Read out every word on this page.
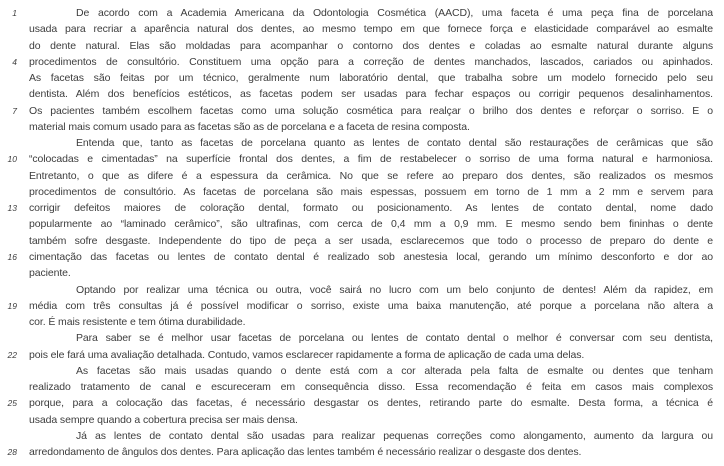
1	De acordo com a Academia Americana da Odontologia Cosmética (AACD), uma faceta é uma peça fina de porcelana
usada para recriar a aparência natural dos dentes, ao mesmo tempo em que fornece força e elasticidade comparável ao esmalte
do dente natural. Elas são moldadas para acompanhar o contorno dos dentes e coladas ao esmalte natural durante alguns
4 procedimentos de consultório. Constituem uma opção para a correção de dentes manchados, lascados, cariados ou apinhados.
As facetas são feitas por um técnico, geralmente num laboratório dental, que trabalha sobre um modelo fornecido pelo seu
dentista. Além dos benefícios estéticos, as facetas podem ser usadas para fechar espaços ou corrigir pequenos desalinhamentos.
7 Os pacientes também escolhem facetas como uma solução cosmética para realçar o brilho dos dentes e reforçar o sorriso. E o
material mais comum usado para as facetas são as de porcelana e a faceta de resina composta.
Entenda que, tanto as facetas de porcelana quanto as lentes de contato dental são restaurações de cerâmicas que são
10 “colocadas e cimentadas” na superfície frontal dos dentes, a fim de restabelecer o sorriso de uma forma natural e harmoniosa.
Entretanto, o que as difere é a espessura da cerâmica. No que se refere ao preparo dos dentes, são realizados os mesmos
procedimentos de consultório. As facetas de porcelana são mais espessas, possuem em torno de 1 mm a 2 mm e servem para
13 corrigir defeitos maiores de coloração dental, formato ou posicionamento. As lentes de contato dental, nome dado
popularmente ao “laminado cerâmico”, são ultrafinas, com cerca de 0,4 mm a 0,9 mm. E mesmo sendo bem fininhas o dente
também sofre desgaste. Independente do tipo de peça a ser usada, esclarecemos que todo o processo de preparo do dente e
16 cimentação das facetas ou lentes de contato dental é realizado sob anestesia local, gerando um mínimo desconforto e dor ao
paciente.
Optando por realizar uma técnica ou outra, você sairá no lucro com um belo conjunto de dentes! Além da rapidez, em
19 média com três consultas já é possível modificar o sorriso, existe uma baixa manutenção, até porque a porcelana não altera a
cor. É mais resistente e tem ótima durabilidade.
Para saber se é melhor usar facetas de porcelana ou lentes de contato dental o melhor é conversar com seu dentista,
22 pois ele fará uma avaliação detalhada. Contudo, vamos esclarecer rapidamente a forma de aplicação de cada uma delas.
As facetas são mais usadas quando o dente está com a cor alterada pela falta de esmalte ou dentes que tenham
realizado tratamento de canal e escureceram em consequência disso. Essa recomendação é feita em casos mais complexos
25 porque, para a colocação das facetas, é necessário desgastar os dentes, retirando parte do esmalte. Desta forma, a técnica é
usada sempre quando a cobertura precisa ser mais densa.
Já as lentes de contato dental são usadas para realizar pequenas correções como alongamento, aumento da largura ou
28 arredondamento de ângulos dos dentes. Para aplicação das lentes também é necessário realizar o desgaste dos dentes.
